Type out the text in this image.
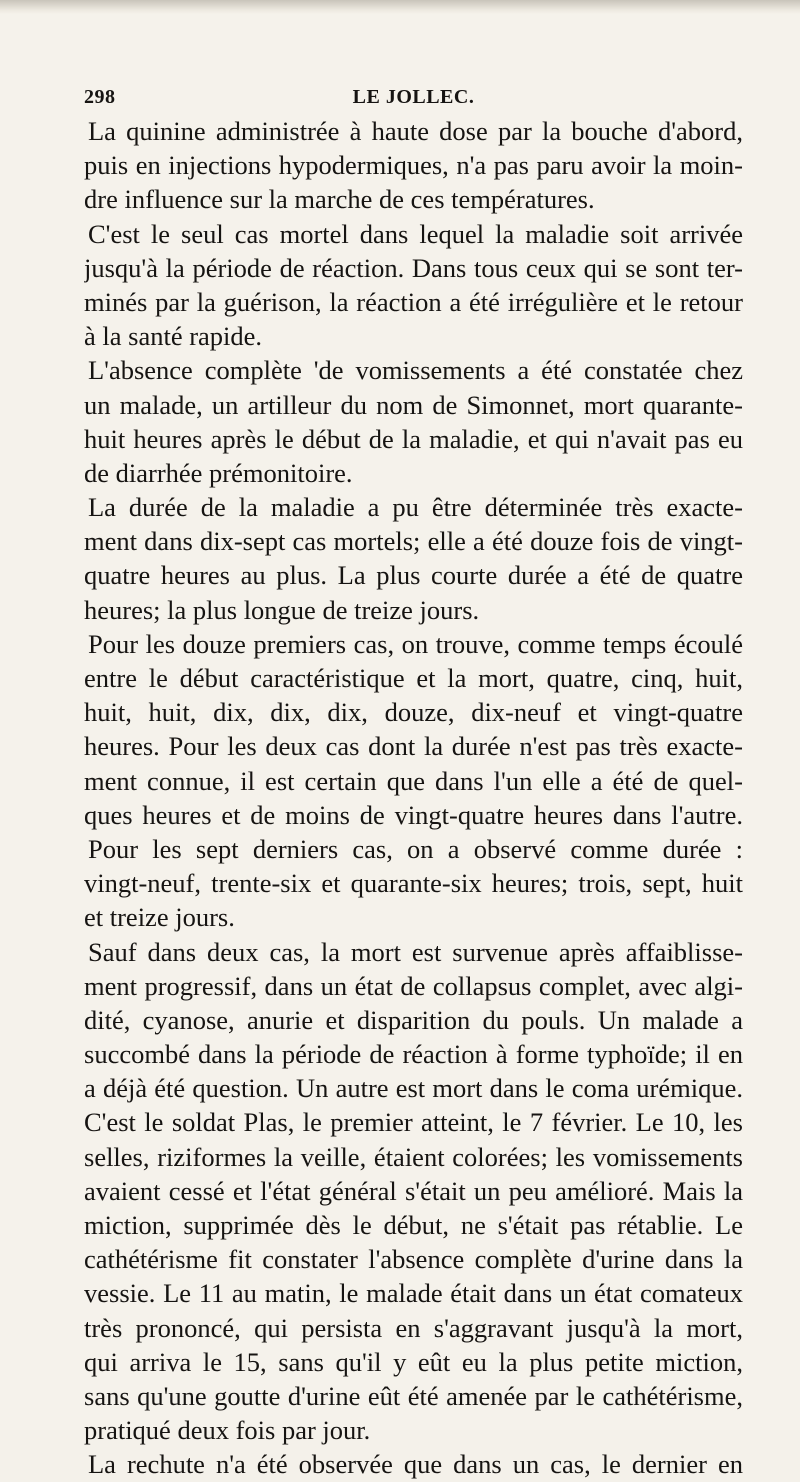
298	LE JOLLEC.
La quinine administrée à haute dose par la bouche d'abord,
puis en injections hypodermiques, n'a pas paru avoir la moin-
dre influence sur la marche de ces températures.
C'est le seul cas mortel dans lequel la maladie soit arrivée
jusqu'à la période de réaction. Dans tous ceux qui se sont ter-
minés par la guérison, la réaction a été irrégulière et le retour
à la santé rapide.
L'absence complète 'de vomissements a été constatée chez
un malade, un artilleur du nom de Simonnet, mort quarante-
huit heures après le début de la maladie, et qui n'avait pas eu
de diarrhée prémonitoire.
La durée de la maladie a pu être déterminée très exacte-
ment dans dix-sept cas mortels; elle a été douze fois de vingt-
quatre heures au plus. La plus courte durée a été de quatre
heures; la plus longue de treize jours.
Pour les douze premiers cas, on trouve, comme temps écoulé
entre le début caractéristique et la mort, quatre, cinq, huit,
huit, huit, dix, dix, dix, douze, dix-neuf et vingt-quatre
heures. Pour les deux cas dont la durée n'est pas très exacte-
ment connue, il est certain que dans l'un elle a été de quel-
ques heures et de moins de vingt-quatre heures dans l'autre.
Pour les sept derniers cas, on a observé comme durée :
vingt-neuf, trente-six et quarante-six heures; trois, sept, huit
et treize jours.
Sauf dans deux cas, la mort est survenue après affaiblisse-
ment progressif, dans un état de collapsus complet, avec algi-
dité, cyanose, anurie et disparition du pouls. Un malade a
succombé dans la période de réaction à forme typhoïde; il en
a déjà été question. Un autre est mort dans le coma urémique.
C'est le soldat Plas, le premier atteint, le 7 février. Le 10, les
selles, riziformes la veille, étaient colorées; les vomissements
avaient cessé et l'état général s'était un peu amélioré. Mais la
miction, supprimée dès le début, ne s'était pas rétablie. Le
cathétérisme fit constater l'absence complète d'urine dans la
vessie. Le 11 au matin, le malade était dans un état comateux
très prononcé, qui persista en s'aggravant jusqu'à la mort,
qui arriva le 15, sans qu'il y eût eu la plus petite miction,
sans qu'une goutte d'urine eût été amenée par le cathétérisme,
pratiqué deux fois par jour.
La rechute n'a été observée que dans un cas, le dernier en
